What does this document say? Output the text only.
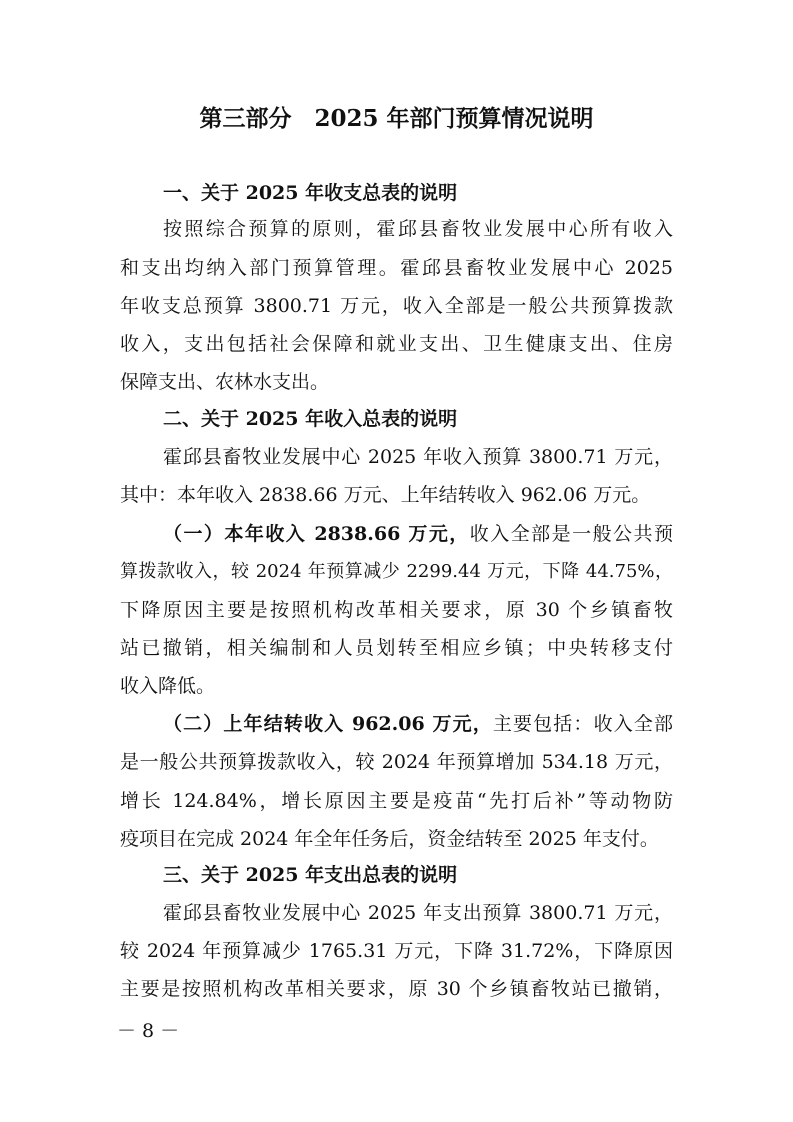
第三部分　2025 年部门预算情况说明
一、关于 2025 年收支总表的说明
按照综合预算的原则，霍邱县畜牧业发展中心所有收入
和支出均纳入部门预算管理。霍邱县畜牧业发展中心 2025
年收支总预算 3800.71 万元，收入全部是一般公共预算拨款
收入，支出包括社会保障和就业支出、卫生健康支出、住房
保障支出、农林水支出。
二、关于 2025 年收入总表的说明
霍邱县畜牧业发展中心 2025 年收入预算 3800.71 万元，
其中：本年收入 2838.66 万元、上年结转收入 962.06 万元。
（一）本年收入 2838.66 万元，收入全部是一般公共预
算拨款收入，较 2024 年预算减少 2299.44 万元，下降 44.75%，
下降原因主要是按照机构改革相关要求，原 30 个乡镇畜牧
站已撤销，相关编制和人员划转至相应乡镇；中央转移支付
收入降低。
（二）上年结转收入 962.06 万元，主要包括：收入全部
是一般公共预算拨款收入，较 2024 年预算增加 534.18 万元，
增长 124.84%，增长原因主要是疫苗“先打后补”等动物防
疫项目在完成 2024 年全年任务后，资金结转至 2025 年支付。
三、关于 2025 年支出总表的说明
霍邱县畜牧业发展中心 2025 年支出预算 3800.71 万元，
较 2024 年预算减少 1765.31 万元，下降 31.72%，下降原因
主要是按照机构改革相关要求，原 30 个乡镇畜牧站已撤销，
－ 8 －
